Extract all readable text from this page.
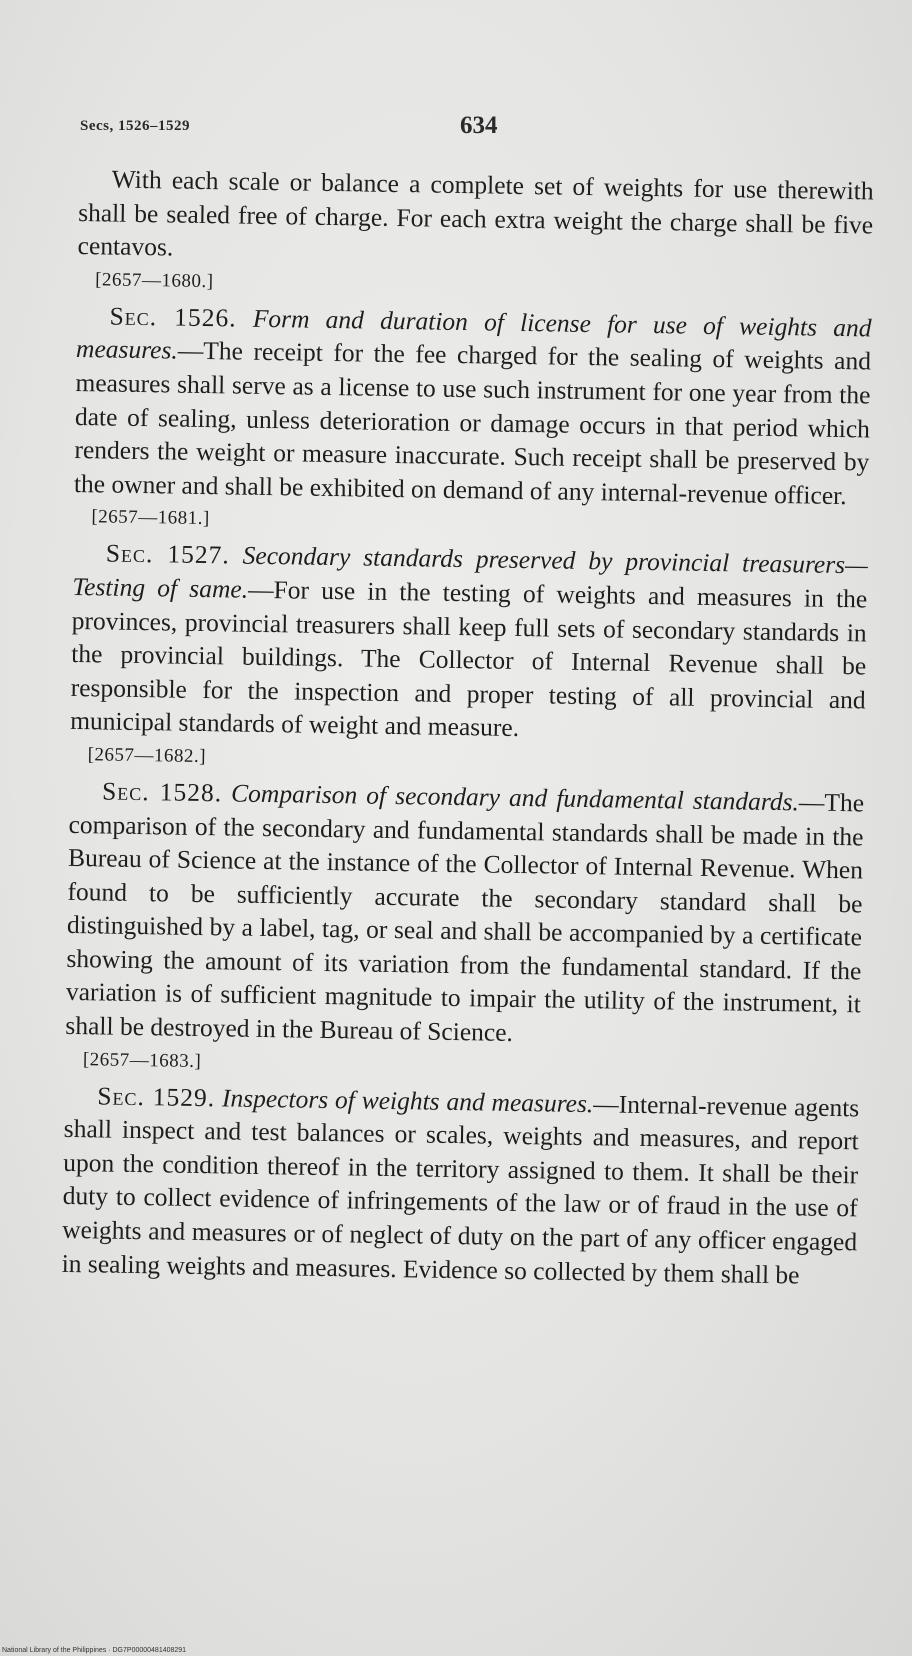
Secs, 1526–1529	634

With each scale or balance a complete set of weights for use therewith shall be sealed free of charge. For each extra weight the charge shall be five centavos.

[2657—1680.]

Sec. 1526. Form and duration of license for use of weights and measures.—The receipt for the fee charged for the sealing of weights and measures shall serve as a license to use such instrument for one year from the date of sealing, unless deterioration or damage occurs in that period which renders the weight or measure inaccurate. Such receipt shall be preserved by the owner and shall be exhibited on demand of any internal-revenue officer.

[2657—1681.]

Sec. 1527. Secondary standards preserved by provincial treasurers—Testing of same.—For use in the testing of weights and measures in the provinces, provincial treasurers shall keep full sets of secondary standards in the provincial buildings. The Collector of Internal Revenue shall be responsible for the inspection and proper testing of all provincial and municipal standards of weight and measure.

[2657—1682.]

Sec. 1528. Comparison of secondary and fundamental standards.—The comparison of the secondary and fundamental standards shall be made in the Bureau of Science at the instance of the Collector of Internal Revenue. When found to be sufficiently accurate the secondary standard shall be distinguished by a label, tag, or seal and shall be accompanied by a certificate showing the amount of its variation from the fundamental standard. If the variation is of sufficient magnitude to impair the utility of the instrument, it shall be destroyed in the Bureau of Science.

[2657—1683.]

Sec. 1529. Inspectors of weights and measures.—Internal-revenue agents shall inspect and test balances or scales, weights and measures, and report upon the condition thereof in the territory assigned to them. It shall be their duty to collect evidence of infringements of the law or of fraud in the use of weights and measures or of neglect of duty on the part of any officer engaged in sealing weights and measures. Evidence so collected by them shall be

National Library of the Philippines · DG7P00000481408291
